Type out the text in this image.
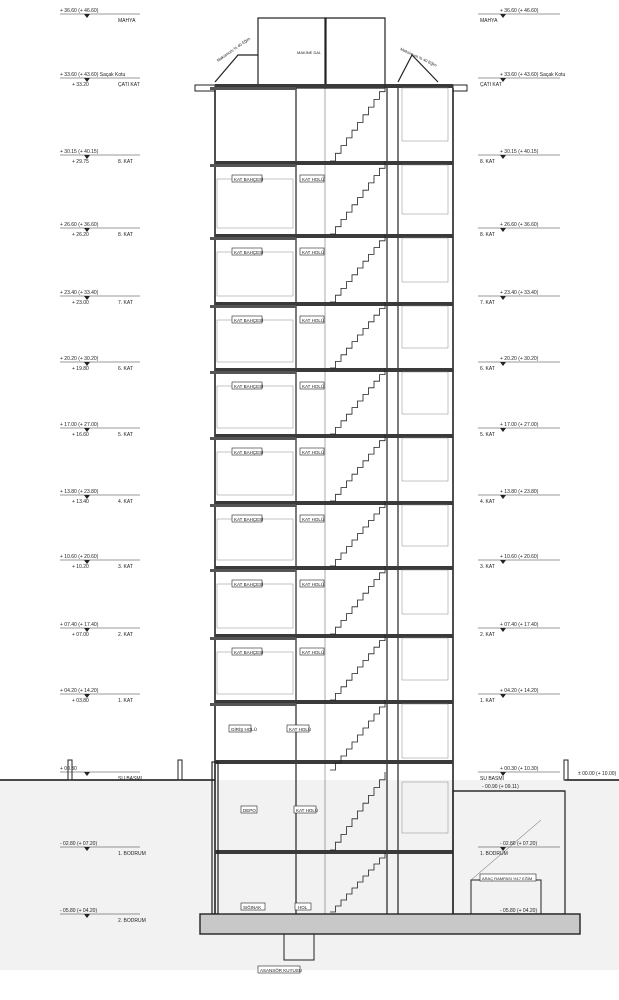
Maksimum % 40 Eğim	Maksimum % 40 Eğim
MAKİNE DAİ.
KAT BAHÇESİ	KAT HOLÜ
KAT BAHÇESİ	KAT HOLÜ
KAT BAHÇESİ	KAT HOLÜ
KAT BAHÇESİ	KAT HOLÜ
KAT BAHÇESİ	KAT HOLÜ
KAT BAHÇESİ	KAT HOLÜ
KAT BAHÇESİ	KAT HOLÜ
KAT BAHÇESİ	KAT HOLÜ
+ 36.60 (+ 46.60)
MAHYA
+ 36.60 (+ 46.60)
MAHYA
+ 33.60 (+ 43.60) Saçak Kotu
ÇATI KAT
+ 33.20
+ 33.60 (+ 43.60) Saçak Kotu
ÇATI KAT
+ 30.15 (+ 40.15)
8. KAT
+ 29.75
+ 30.15 (+ 40.15)
8. KAT
+ 26.60 (+ 36.60)
8. KAT
+ 26.20
+ 26.60 (+ 36.60)
8. KAT
+ 23.40 (+ 33.40)
7. KAT
+ 23.00
+ 23.40 (+ 33.40)
7. KAT
+ 20.20 (+ 30.20)
6. KAT
+ 19.80
+ 20.20 (+ 30.20)
6. KAT
+ 17.00 (+ 27.00)
5. KAT
+ 16.60
+ 17.00 (+ 27.00)
5. KAT
+ 13.80 (+ 23.80)
4. KAT
+ 13.40
+ 13.80 (+ 23.80)
4. KAT
+ 10.60 (+ 20.60)
3. KAT
+ 10.20
+ 10.60 (+ 20.60)
3. KAT
+ 07.40 (+ 17.40)
2. KAT
+ 07.00
+ 07.40 (+ 17.40)
2. KAT
+ 04.20 (+ 14.20)
1. KAT
+ 03.80
+ 04.20 (+ 14.20)
1. KAT
+ 00.30
SU BASMI
+ 00.30 (+ 10.30)
SU BASMI
- 02.80 (+ 07.20)
1. BODRUM
- 02.80 (+ 07.20)
1. BODRUM
- 05.80 (+ 04.20)
2. BODRUM
- 05.80 (+ 04.20)
GİRİŞ HOLÜ	KAT HOLÜ
DEPO	KAT HOLÜ
SIĞINAK	HOL
ARAÇ RAMPASI %17 EĞİM
ASANSÖR KUYUSU
± 00.00 (+ 10.00)
- 00.90 (+ 09.11)
